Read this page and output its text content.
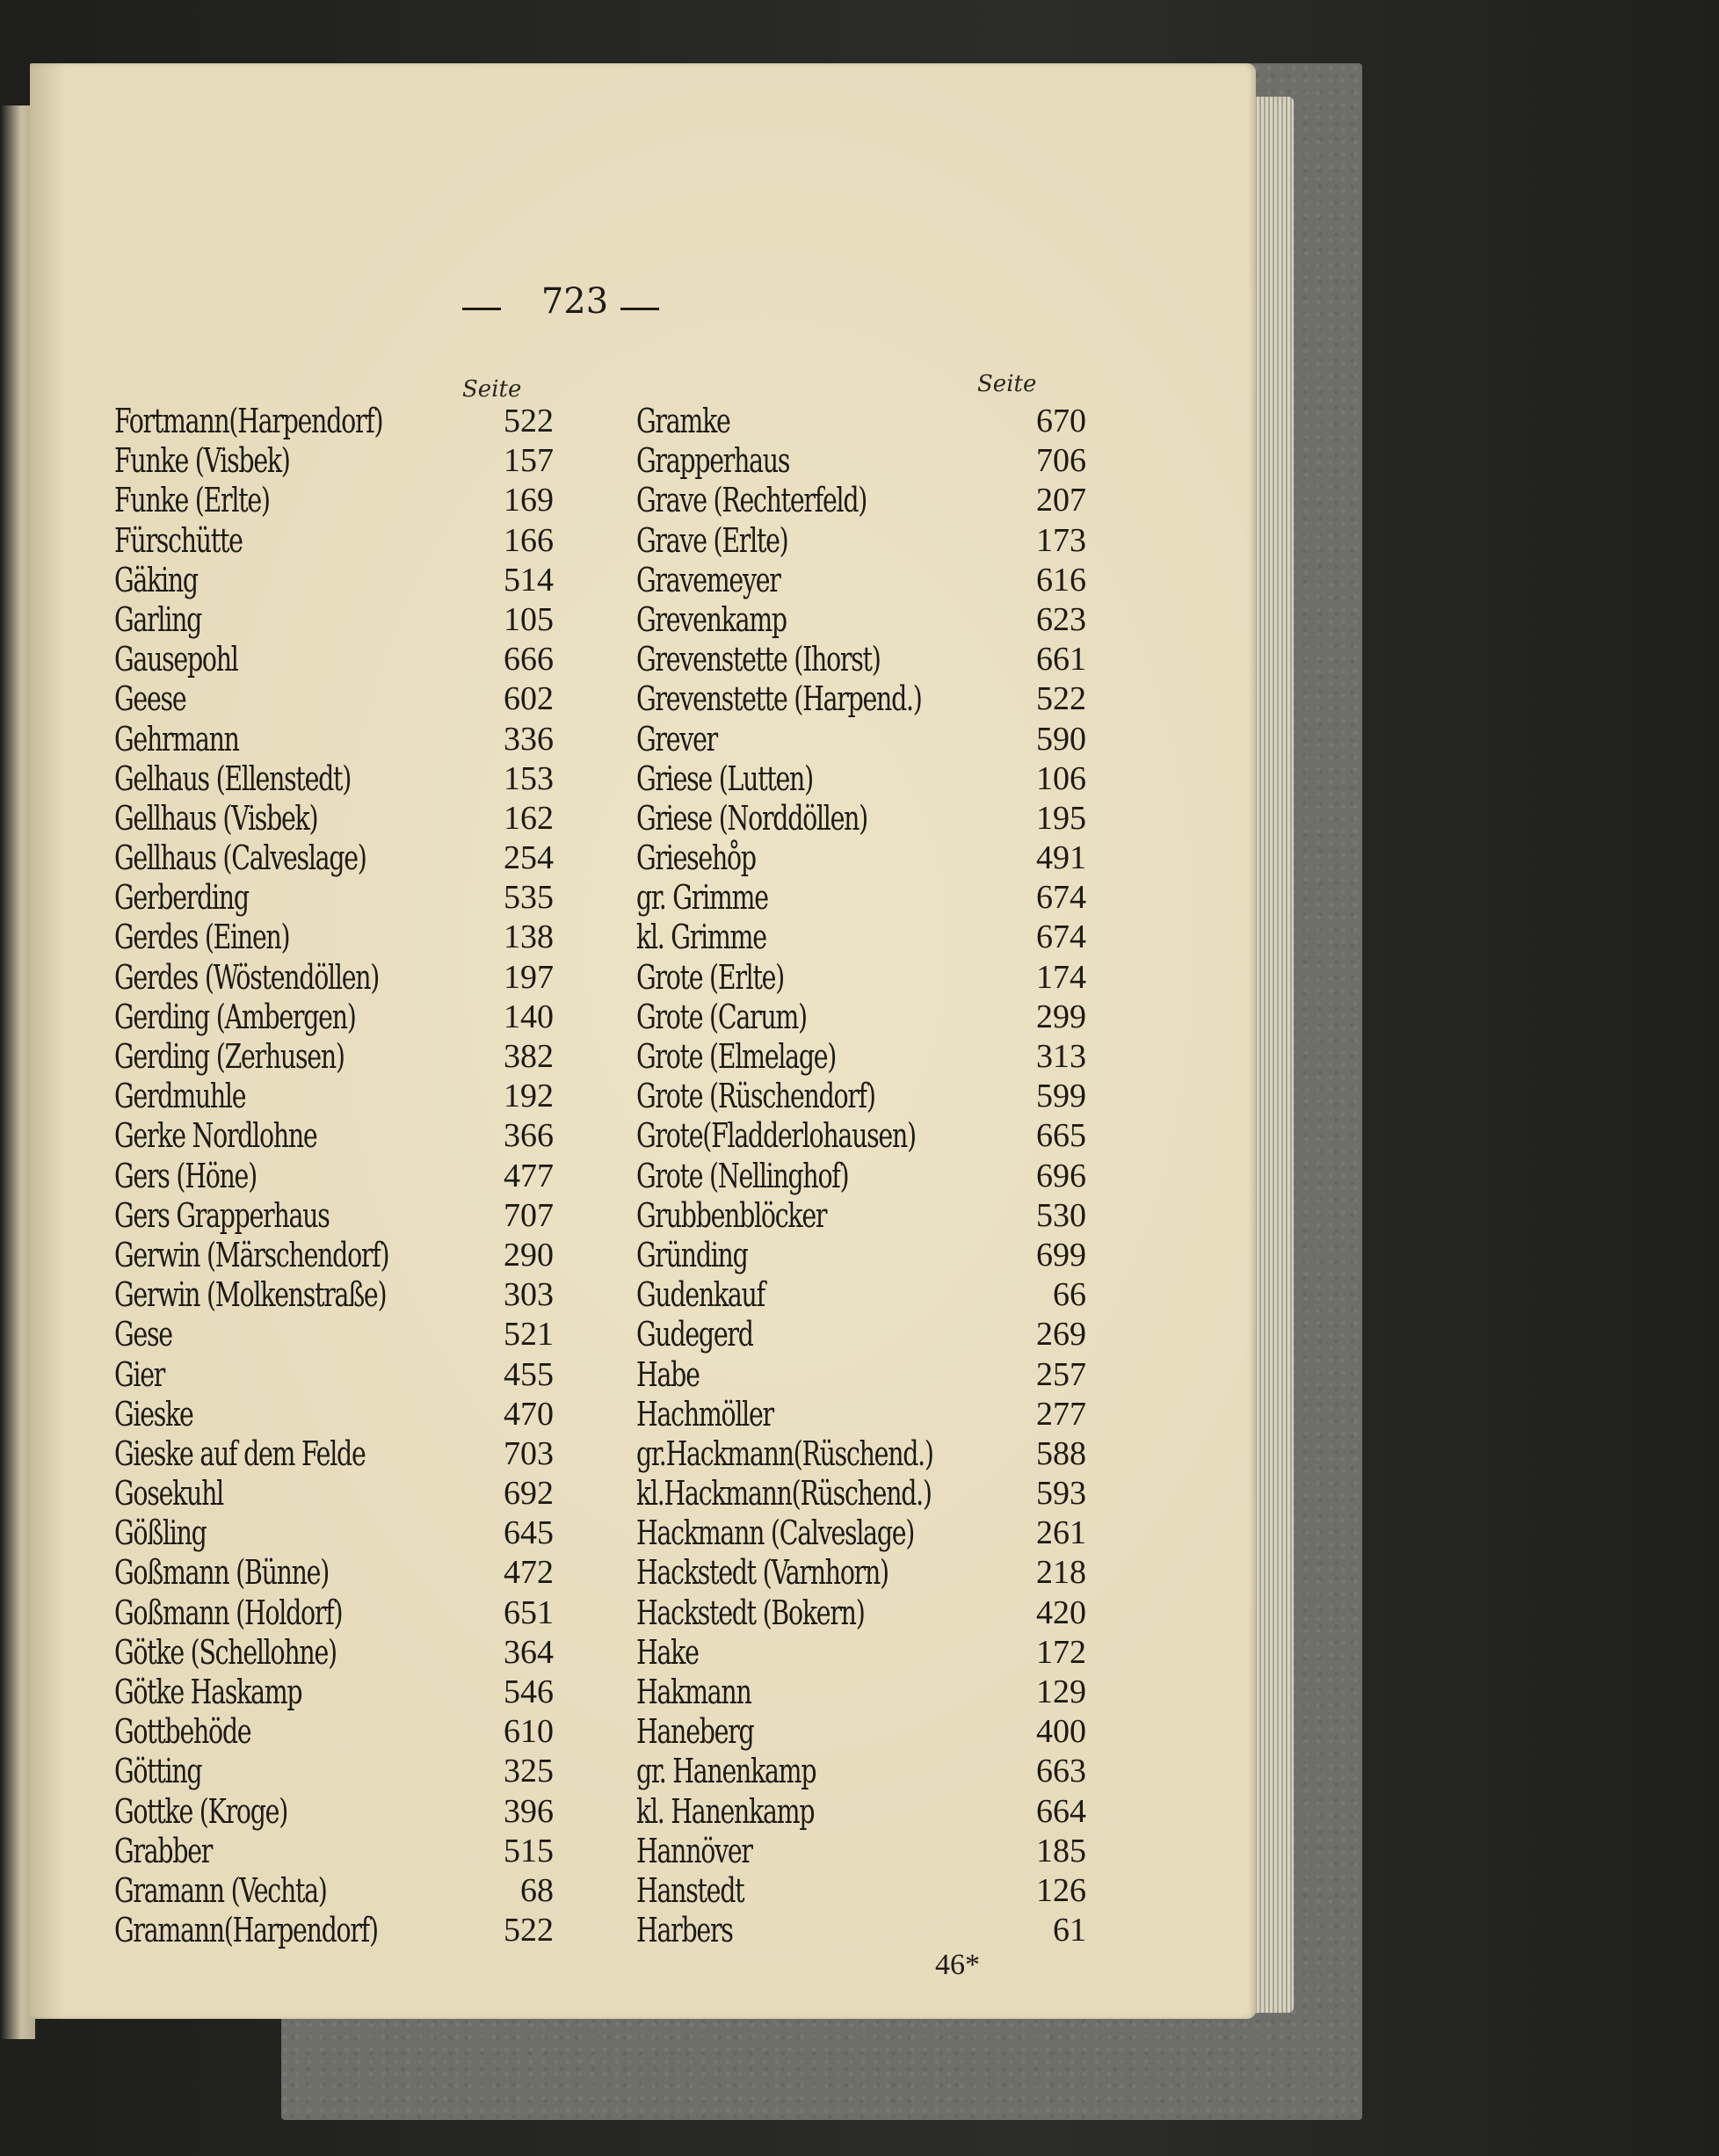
723
Seite	Seite
Fortmann(Harpendorf)	522
Funke (Visbek)	157
Funke (Erlte)	169
Fürschütte	166
Gäking	514
Garling	105
Gausepohl	666
Geese	602
Gehrmann	336
Gelhaus (Ellenstedt)	153
Gellhaus (Visbek)	162
Gellhaus (Calveslage)	254
Gerberding	535
Gerdes (Einen)	138
Gerdes (Wöstendöllen)	197
Gerding (Ambergen)	140
Gerding (Zerhusen)	382
Gerdmuhle	192
Gerke Nordlohne	366
Gers (Höne)	477
Gers Grapperhaus	707
Gerwin (Märschendorf)	290
Gerwin (Molkenstraße)	303
Gese	521
Gier	455
Gieske	470
Gieske auf dem Felde	703
Gosekuhl	692
Gößling	645
Goßmann (Bünne)	472
Goßmann (Holdorf)	651
Götke (Schellohne)	364
Götke Haskamp	546
Gottbehöde	610
Götting	325
Gottke (Kroge)	396
Grabber	515
Gramann (Vechta)	68
Gramann(Harpendorf)	522
Gramke	670
Grapperhaus	706
Grave (Rechterfeld)	207
Grave (Erlte)	173
Gravemeyer	616
Grevenkamp	623
Grevenstette (Ihorst)	661
Grevenstette (Harpend.)	522
Grever	590
Griese (Lutten)	106
Griese (Norddöllen)	195
Grieseho̊p	491
gr. Grimme	674
kl. Grimme	674
Grote (Erlte)	174
Grote (Carum)	299
Grote (Elmelage)	313
Grote (Rüschendorf)	599
Grote(Fladderlohausen)	665
Grote (Nellinghof)	696
Grubbenblöcker	530
Gründing	699
Gudenkauf	66
Gudegerd	269
Habe	257
Hachmöller	277
gr.Hackmann(Rüschend.)	588
kl.Hackmann(Rüschend.)	593
Hackmann (Calveslage)	261
Hackstedt (Varnhorn)	218
Hackstedt (Bokern)	420
Hake	172
Hakmann	129
Haneberg	400
gr. Hanenkamp	663
kl. Hanenkamp	664
Hannöver	185
Hanstedt	126
Harbers	61
46*
